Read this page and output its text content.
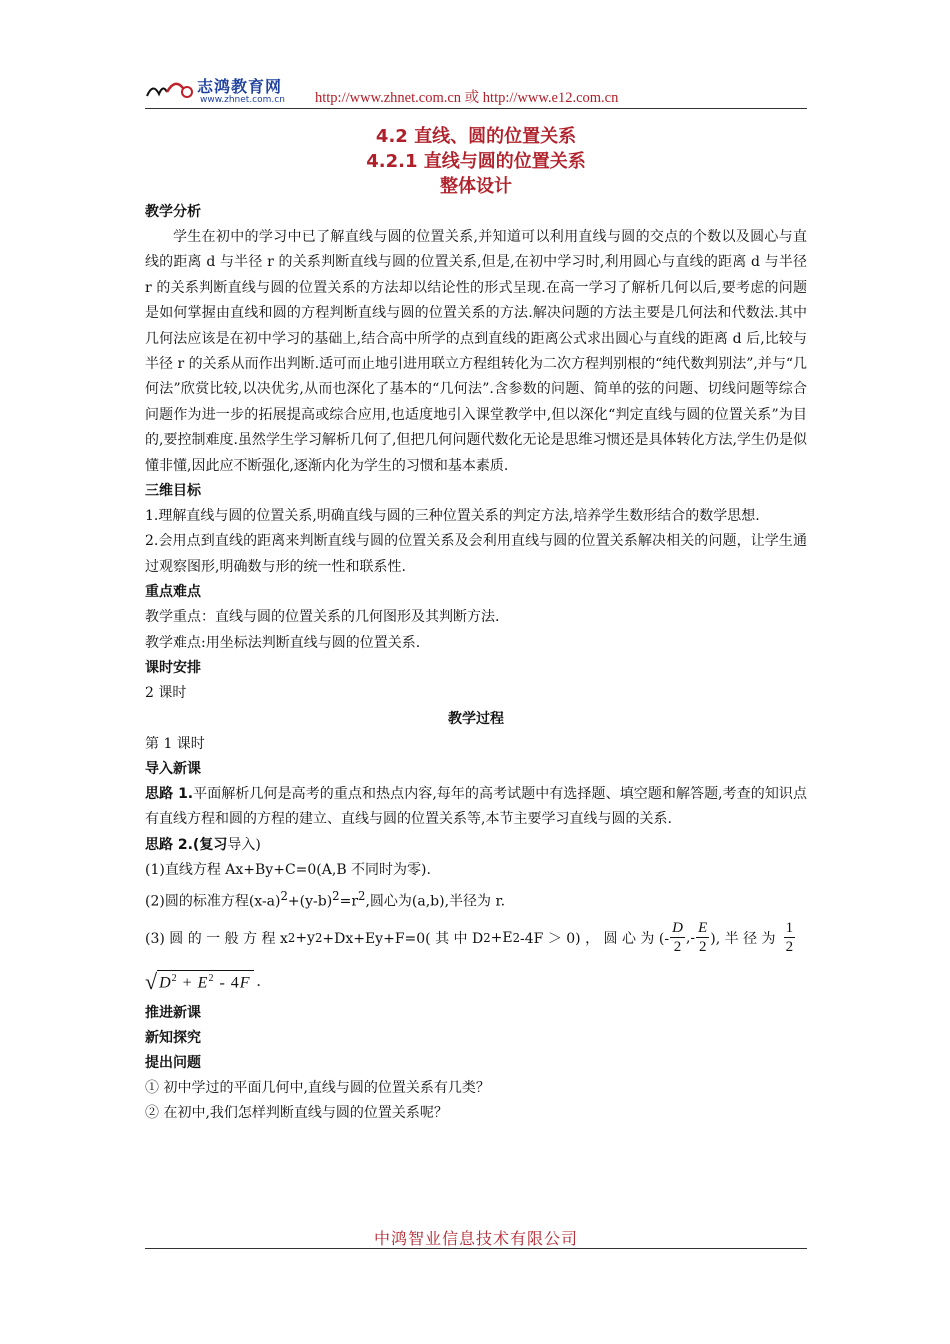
志鸿教育网
www.zhnet.com.cn http://www.zhnet.com.cn 或 http://www.e12.com.cn
4.2 直线、圆的位置关系
4.2.1 直线与圆的位置关系
整体设计
教学分析
学生在初中的学习中已了解直线与圆的位置关系,并知道可以利用直线与圆的交点的个数以及圆心与直线的距离 d 与半径 r 的关系判断直线与圆的位置关系,但是,在初中学习时,利用圆心与直线的距离 d 与半径 r 的关系判断直线与圆的位置关系的方法却以结论性的形式呈现.在高一学习了解析几何以后,要考虑的问题是如何掌握由直线和圆的方程判断直线与圆的位置关系的方法.解决问题的方法主要是几何法和代数法.其中几何法应该是在初中学习的基础上,结合高中所学的点到直线的距离公式求出圆心与直线的距离 d 后,比较与半径 r 的关系从而作出判断.适可而止地引进用联立方程组转化为二次方程判别根的“纯代数判别法”,并与“几何法”欣赏比较,以决优劣,从而也深化了基本的“几何法”.含参数的问题、简单的弦的问题、切线问题等综合问题作为进一步的拓展提高或综合应用,也适度地引入课堂教学中,但以深化“判定直线与圆的位置关系”为目的,要控制难度.虽然学生学习解析几何了,但把几何问题代数化无论是思维习惯还是具体转化方法,学生仍是似懂非懂,因此应不断强化,逐渐内化为学生的习惯和基本素质.
三维目标
1.理解直线与圆的位置关系,明确直线与圆的三种位置关系的判定方法,培养学生数形结合的数学思想.
2.会用点到直线的距离来判断直线与圆的位置关系及会利用直线与圆的位置关系解决相关的问题，让学生通过观察图形,明确数与形的统一性和联系性.
重点难点
教学重点：直线与圆的位置关系的几何图形及其判断方法.
教学难点:用坐标法判断直线与圆的位置关系.
课时安排
2 课时
教学过程
第 1 课时
导入新课
思路 1.平面解析几何是高考的重点和热点内容,每年的高考试题中有选择题、填空题和解答题,考查的知识点有直线方程和圆的方程的建立、直线与圆的位置关系等,本节主要学习直线与圆的关系.
思路 2.(复习导入)
(1)直线方程 Ax+By+C=0(A,B 不同时为零).
(2)圆的标准方程$(x-a)^2+(y-b)^2=r^2$,圆心为(a,b),半径为 r.
(3) 圆 的 一 般 方 程 x 2 +y 2 +Dx+Ey+F=0( 其 中 D 2 +E 2 -4F ＞ 0) ， 圆 心 为 (- $\frac{D}{2}$ ,- $\frac{E}{2}$ ), 半 径 为 $\frac{1}{2}$
√ $D^2 + E^2 - 4F$ .
推进新课
新知探究
提出问题
① 初中学过的平面几何中,直线与圆的位置关系有几类？
② 在初中,我们怎样判断直线与圆的位置关系呢？
中鸿智业信息技术有限公司
